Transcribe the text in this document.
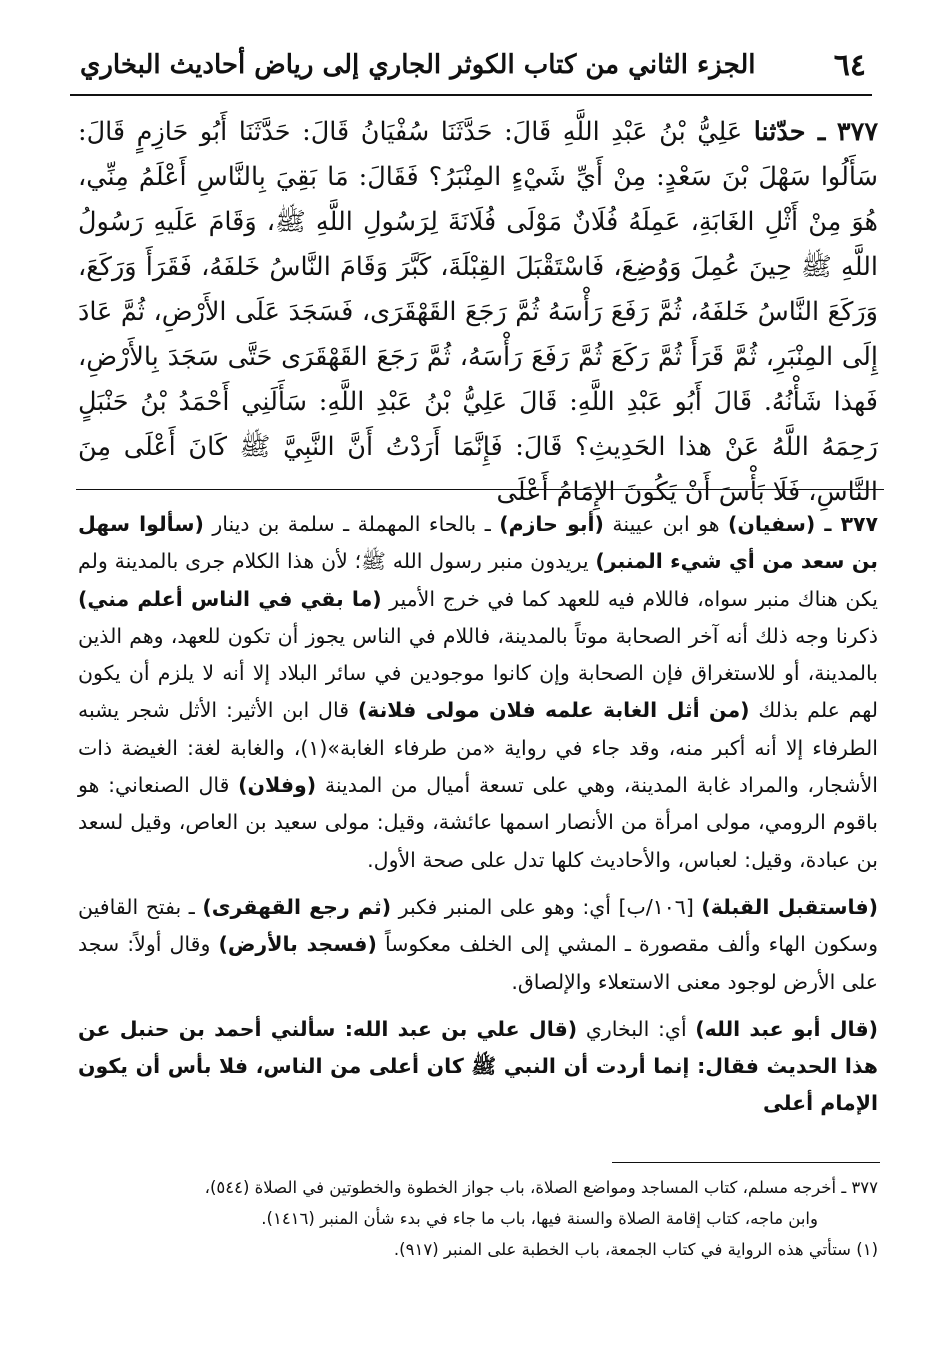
٦٤
الجزء الثاني من كتاب الكوثر الجاري إلى رياض أحاديث البخاري

٣٧٧ ـ حدّثنا عَلِيُّ بْنُ عَبْدِ اللَّهِ قَالَ: حَدَّثَنَا سُفْيَانُ قَالَ: حَدَّثَنَا أَبُو حَازِمٍ قَالَ: سَأَلُوا سَهْلَ بْنَ سَعْدٍ: مِنْ أَيِّ شَيْءٍ المِنْبَرُ؟ فَقَالَ: مَا بَقِيَ بِالنَّاسِ أَعْلَمُ مِنِّي، هُوَ مِنْ أَثْلِ الغَابَةِ، عَمِلَهُ فُلَانٌ مَوْلَى فُلَانَةَ لِرَسُولِ اللَّهِ ﷺ، وَقَامَ عَلَيهِ رَسُولُ اللَّهِ ﷺ حِينَ عُمِلَ وَوُضِعَ، فَاسْتَقْبَلَ القِبْلَةَ، كَبَّرَ وَقَامَ النَّاسُ خَلفَهُ، فَقَرَأَ وَرَكَعَ، وَرَكَعَ النَّاسُ خَلفَهُ، ثُمَّ رَفَعَ رَأْسَهُ ثُمَّ رَجَعَ القَهْقَرَى، فَسَجَدَ عَلَى الأَرْضِ، ثُمَّ عَادَ إِلَى المِنْبَرِ، ثُمَّ قَرَأَ ثُمَّ رَكَعَ ثُمَّ رَفَعَ رَأْسَهُ، ثُمَّ رَجَعَ القَهْقَرَى حَتَّى سَجَدَ بِالأَرْضِ، فَهذا شَأْنُهُ. قَالَ أَبُو عَبْدِ اللَّهِ: قَالَ عَلِيُّ بْنُ عَبْدِ اللَّهِ: سَأَلَنِي أَحْمَدُ بْنُ حَنْبَلٍ رَحِمَهُ اللَّهُ عَنْ هذا الحَدِيثِ؟ قَالَ: فَإِنَّمَا أَرَدْتُ أَنَّ النَّبِيَّ ﷺ كَانَ أَعْلَى مِنَ النَّاسِ، فَلَا بَأْسَ أَنْ يَكُونَ الإِمَامُ أَعْلَى

٣٧٧ ـ (سفيان) هو ابن عيينة (أبو حازم) ـ بالحاء المهملة ـ سلمة بن دينار (سألوا سهل بن سعد من أي شيء المنبر) يريدون منبر رسول الله ﷺ؛ لأن هذا الكلام جرى بالمدينة ولم يكن هناك منبر سواه، فاللام فيه للعهد كما في خرج الأمير (ما بقي في الناس أعلم مني) ذكرنا وجه ذلك أنه آخر الصحابة موتاً بالمدينة، فاللام في الناس يجوز أن تكون للعهد، وهم الذين بالمدينة، أو للاستغراق فإن الصحابة وإن كانوا موجودين في سائر البلاد إلا أنه لا يلزم أن يكون لهم علم بذلك (من أثل الغابة علمه فلان مولى فلانة) قال ابن الأثير: الأثل شجر يشبه الطرفاء إلا أنه أكبر منه، وقد جاء في رواية «من طرفاء الغابة»(١)، والغابة لغة: الغيضة ذات الأشجار، والمراد غابة المدينة، وهي على تسعة أميال من المدينة (وفلان) قال الصنعاني: هو باقوم الرومي، مولى امرأة من الأنصار اسمها عائشة، وقيل: مولى سعيد بن العاص، وقيل لسعد بن عبادة، وقيل: لعباس، والأحاديث كلها تدل على صحة الأول.

(فاستقبل القبلة) [١٠٦/ب] أي: وهو على المنبر فكبر (ثم رجع القهقرى) ـ بفتح القافين وسكون الهاء وألف مقصورة ـ المشي إلى الخلف معكوساً (فسجد بالأرض) وقال أولاً: سجد على الأرض لوجود معنى الاستعلاء والإلصاق.

(قال أبو عبد الله) أي: البخاري (قال علي بن عبد الله: سألني أحمد بن حنبل عن هذا الحديث فقال: إنما أردت أن النبي ﷺ كان أعلى من الناس، فلا بأس أن يكون الإمام أعلى

٣٧٧ ـ أخرجه مسلم، كتاب المساجد ومواضع الصلاة، باب جواز الخطوة والخطوتين في الصلاة (٥٤٤)،

وابن ماجه، كتاب إقامة الصلاة والسنة فيها، باب ما جاء في بدء شأن المنبر (١٤١٦).

(١) ستأتي هذه الرواية في كتاب الجمعة، باب الخطبة على المنبر (٩١٧).
